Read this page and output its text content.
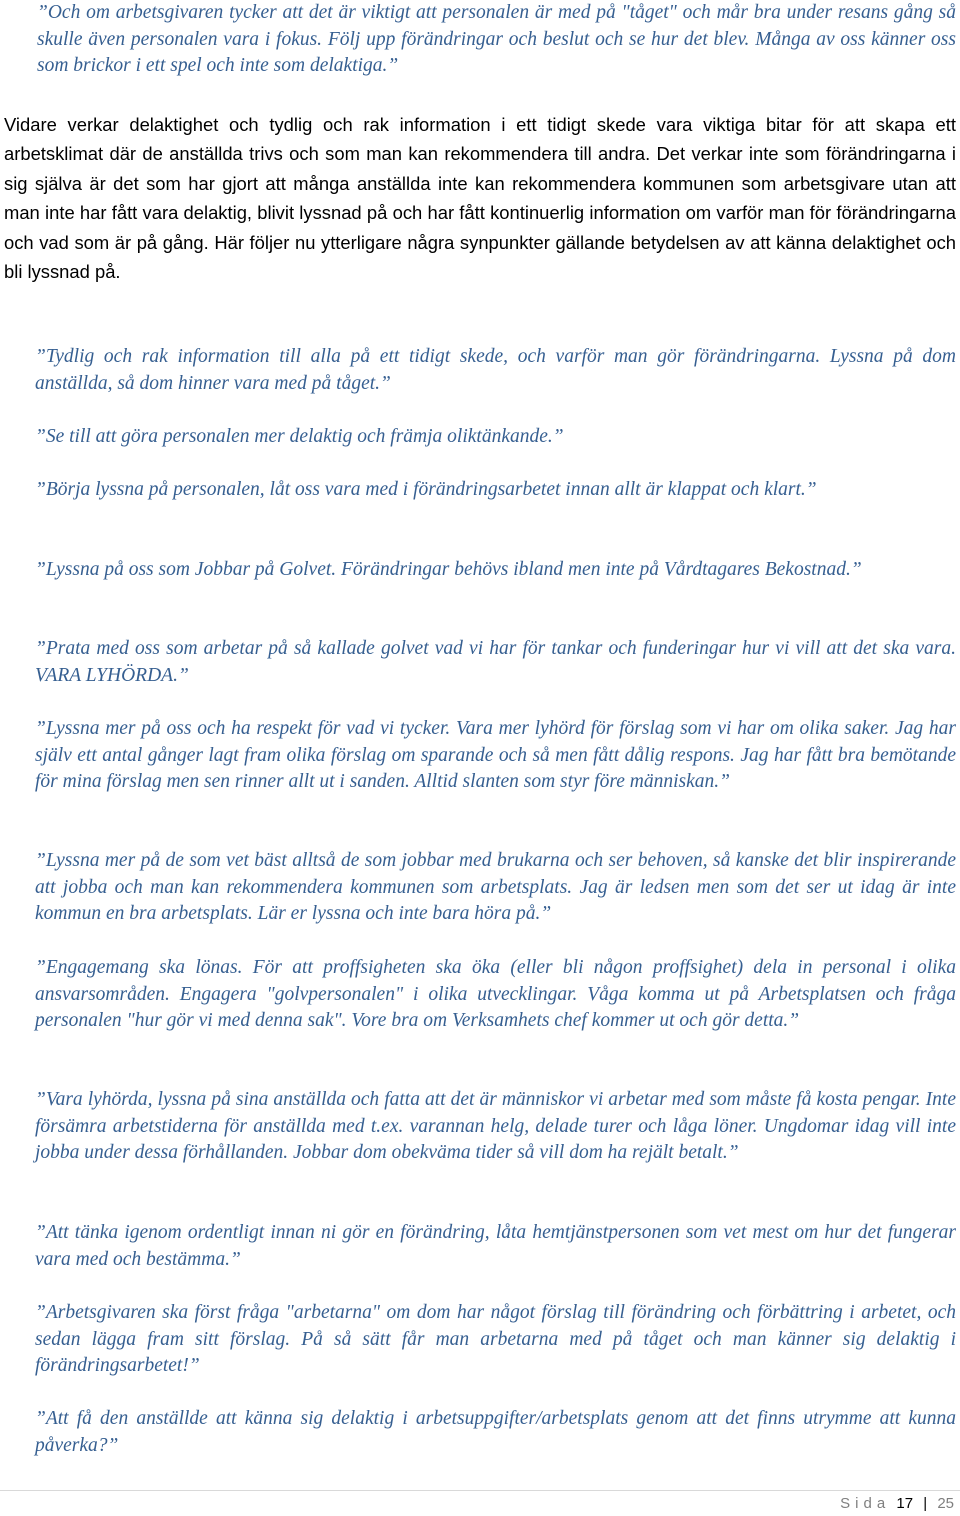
”Och om arbetsgivaren tycker att det är viktigt att personalen är med på "tåget" och mår bra under resans gång så skulle även personalen vara i fokus. Följ upp förändringar och beslut och se hur det blev. Många av oss känner oss som brickor i ett spel och inte som delaktiga.”

Vidare verkar delaktighet och tydlig och rak information i ett tidigt skede vara viktiga bitar för att skapa ett arbetsklimat där de anställda trivs och som man kan rekommendera till andra. Det verkar inte som förändringarna i sig själva är det som har gjort att många anställda inte kan rekommendera kommunen som arbetsgivare utan att man inte har fått vara delaktig, blivit lyssnad på och har fått kontinuerlig information om varför man för förändringarna och vad som är på gång. Här följer nu ytterligare några synpunkter gällande betydelsen av att känna delaktighet och bli lyssnad på.

”Tydlig och rak information till alla på ett tidigt skede, och varför man gör förändringarna. Lyssna på dom anställda, så dom hinner vara med på tåget.”

”Se till att göra personalen mer delaktig och främja oliktänkande.”

”Börja lyssna på personalen, låt oss vara med i förändringsarbetet innan allt är klappat och klart.”

”Lyssna på oss som Jobbar på Golvet. Förändringar behövs ibland men inte på Vårdtagares Bekostnad.”

”Prata med oss som arbetar på så kallade golvet vad vi har för tankar och funderingar hur vi vill att det ska vara. VARA LYHÖRDA.”

”Lyssna mer på oss och ha respekt för vad vi tycker. Vara mer lyhörd för förslag som vi har om olika saker. Jag har själv ett antal gånger lagt fram olika förslag om sparande och så men fått dålig respons. Jag har fått bra bemötande för mina förslag men sen rinner allt ut i sanden. Alltid slanten som styr före människan.”

”Lyssna mer på de som vet bäst alltså de som jobbar med brukarna och ser behoven, så kanske det blir inspirerande att jobba och man kan rekommendera kommunen som arbetsplats. Jag är ledsen men som det ser ut idag är inte kommun en bra arbetsplats. Lär er lyssna och inte bara höra på.”

”Engagemang ska lönas. För att proffsigheten ska öka (eller bli någon proffsighet) dela in personal i olika ansvarsområden. Engagera "golvpersonalen" i olika utvecklingar. Våga komma ut på Arbetsplatsen och fråga personalen "hur gör vi med denna sak". Vore bra om Verksamhets chef kommer ut och gör detta.”

”Vara lyhörda, lyssna på sina anställda och fatta att det är människor vi arbetar med som måste få kosta pengar. Inte försämra arbetstiderna för anställda med t.ex. varannan helg, delade turer och låga löner. Ungdomar idag vill inte jobba under dessa förhållanden. Jobbar dom obekväma tider så vill dom ha rejält betalt.”

”Att tänka igenom ordentligt innan ni gör en förändring, låta hemtjänstpersonen som vet mest om hur det fungerar vara med och bestämma.”

”Arbetsgivaren ska först fråga "arbetarna" om dom har något förslag till förändring och förbättring i arbetet, och sedan lägga fram sitt förslag. På så sätt får man arbetarna med på tåget och man känner sig delaktig i förändringsarbetet!”

”Att få den anställde att känna sig delaktig i arbetsuppgifter/arbetsplats genom att det finns utrymme att kunna påverka?”

Sida 17 | 25
